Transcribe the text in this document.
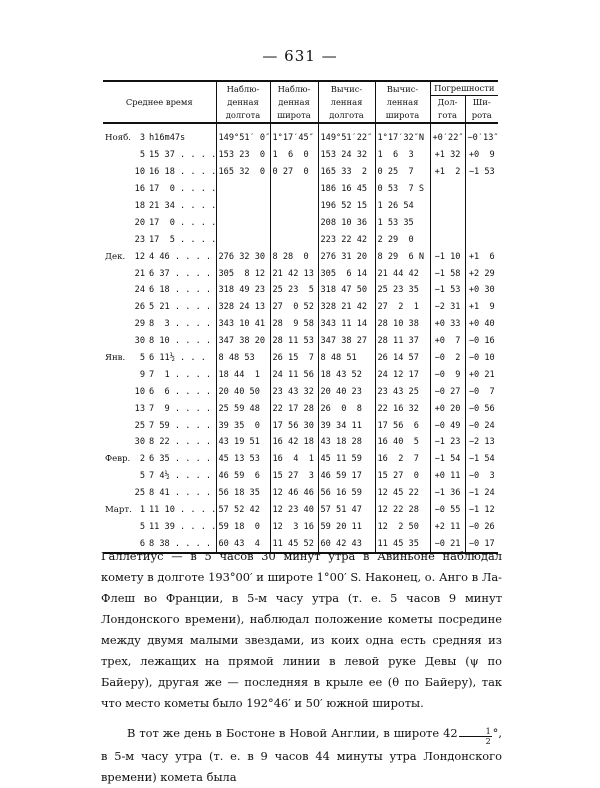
— 631 —
Среднее время	Наблюденная долгота	Наблюденная широта	Вычисленная долгота	Вычисленная широта	Погрешности	
					Долгота	Широта
Нояб. 3 h16m47s	149°51′ 0″	1°17′45″	149°51′22″	1°17′32″N	+0′22″	−0′13″
5 15 37 . . . .	153 23  0	1  6  0	153 24 32	1  6  3	+1 32	+0  9
10 16 18 . . . .	165 32  0	0 27  0	165 33  2	0 25  7	+1  2	−1 53
16 17  0 . . . .			186 16 45	0 53  7 S		
18 21 34 . . . .			196 52 15	1 26 54		
20 17  0 . . . .			208 10 36	1 53 35		
23 17  5 . . . .			223 22 42	2 29  0		
Дек. 12 4 46 . . . .	276 32 30	8 28  0	276 31 20	8 29  6 N	−1 10	+1  6
21 6 37 . . . .	305  8 12	21 42 13	305  6 14	21 44 42	−1 58	+2 29
24 6 18 . . . .	318 49 23	25 23  5	318 47 50	25 23 35	−1 53	+0 30
26 5 21 . . . .	328 24 13	27  0 52	328 21 42	27  2  1	−2 31	+1  9
29 8  3 . . . .	343 10 41	28  9 58	343 11 14	28 10 38	+0 33	+0 40
30 8 10 . . . .	347 38 20	28 11 53	347 38 27	28 11 37	+0  7	−0 16
Янв. 5 6 11½ . . .	8 48 53	26 15  7	8 48 51	26 14 57	−0  2	−0 10
9 7  1 . . . .	18 44  1	24 11 56	18 43 52	24 12 17	−0  9	+0 21
10 6  6 . . . .	20 40 50	23 43 32	20 40 23	23 43 25	−0 27	−0  7
13 7  9 . . . .	25 59 48	22 17 28	26  0  8	22 16 32	+0 20	−0 56
25 7 59 . . . .	39 35  0	17 56 30	39 34 11	17 56  6	−0 49	−0 24
30 8 22 . . . .	43 19 51	16 42 18	43 18 28	16 40  5	−1 23	−2 13
Февр. 2 6 35 . . . .	45 13 53	16  4  1	45 11 59	16  2  7	−1 54	−1 54
5 7 4½ . . . .	46 59  6	15 27  3	46 59 17	15 27  0	+0 11	−0  3
25 8 41 . . . .	56 18 35	12 46 46	56 16 59	12 45 22	−1 36	−1 24
Март. 1 11 10 . . . .	57 52 42	12 23 40	57 51 47	12 22 28	−0 55	−1 12
5 11 39 . . . .	59 18  0	12  3 16	59 20 11	12  2 50	+2 11	−0 26
6 8 38 . . . .	60 43  4	11 45 52	60 42 43	11 45 35	−0 21	−0 17

Галлетиус — в 5 часов 30 минут утра в Авиньоне наблюдал комету в долготе 193°00′ и широте 1°00′ S. Наконец, о. Ангo в Ла-Флеш во Франции, в 5-м часу утра (т. е. 5 часов 9 минут Лондонского времени), наблюдал положение кометы посредине между двумя малыми звездами, из коих одна есть средняя из трех, лежащих на прямой линии в левой руке Девы (ψ по Байеру), другая же — последняя в крыле ее (θ по Байеру), так что место кометы было 192°46′ и 50′ южной широты.

В тот же день в Бостоне в Новой Англии, в широте $42 \frac{1}{2}$ °, в 5-м часу утра (т. е. в 9 часов 44 минуты утра Лондонского времени) комета была
